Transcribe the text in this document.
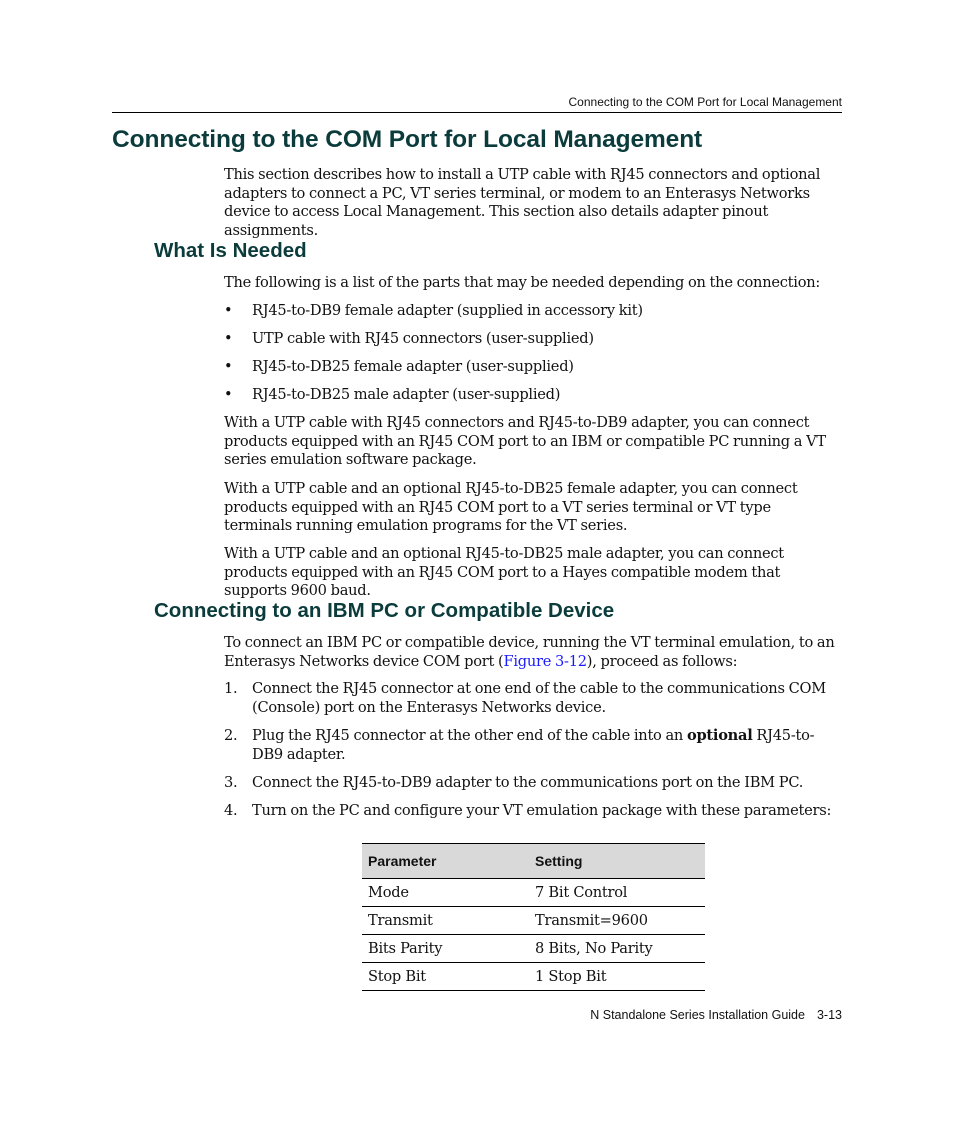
Connecting to the COM Port for Local Management
Connecting to the COM Port for Local Management

This section describes how to install a UTP cable with RJ45 connectors and optional adapters to connect a PC, VT series terminal, or modem to an Enterasys Networks device to access Local Management. This section also details adapter pinout assignments.

What Is Needed

The following is a list of the parts that may be needed depending on the connection:

• RJ45-to-DB9 female adapter (supplied in accessory kit)
• UTP cable with RJ45 connectors (user-supplied)
• RJ45-to-DB25 female adapter (user-supplied)
• RJ45-to-DB25 male adapter (user-supplied)

With a UTP cable with RJ45 connectors and RJ45-to-DB9 adapter, you can connect products equipped with an RJ45 COM port to an IBM or compatible PC running a VT series emulation software package.

With a UTP cable and an optional RJ45-to-DB25 female adapter, you can connect products equipped with an RJ45 COM port to a VT series terminal or VT type terminals running emulation programs for the VT series.

With a UTP cable and an optional RJ45-to-DB25 male adapter, you can connect products equipped with an RJ45 COM port to a Hayes compatible modem that supports 9600 baud.

Connecting to an IBM PC or Compatible Device

To connect an IBM PC or compatible device, running the VT terminal emulation, to an Enterasys Networks device COM port (Figure 3-12), proceed as follows:

1. Connect the RJ45 connector at one end of the cable to the communications COM (Console) port on the Enterasys Networks device.
2. Plug the RJ45 connector at the other end of the cable into an optional RJ45-to-DB9 adapter.
3. Connect the RJ45-to-DB9 adapter to the communications port on the IBM PC.
4. Turn on the PC and configure your VT emulation package with these parameters:
Parameter	Setting
Mode	7 Bit Control
Transmit	Transmit=9600
Bits Parity	8 Bits, No Parity
Stop Bit	1 Stop Bit
N Standalone Series Installation Guide 3-13
